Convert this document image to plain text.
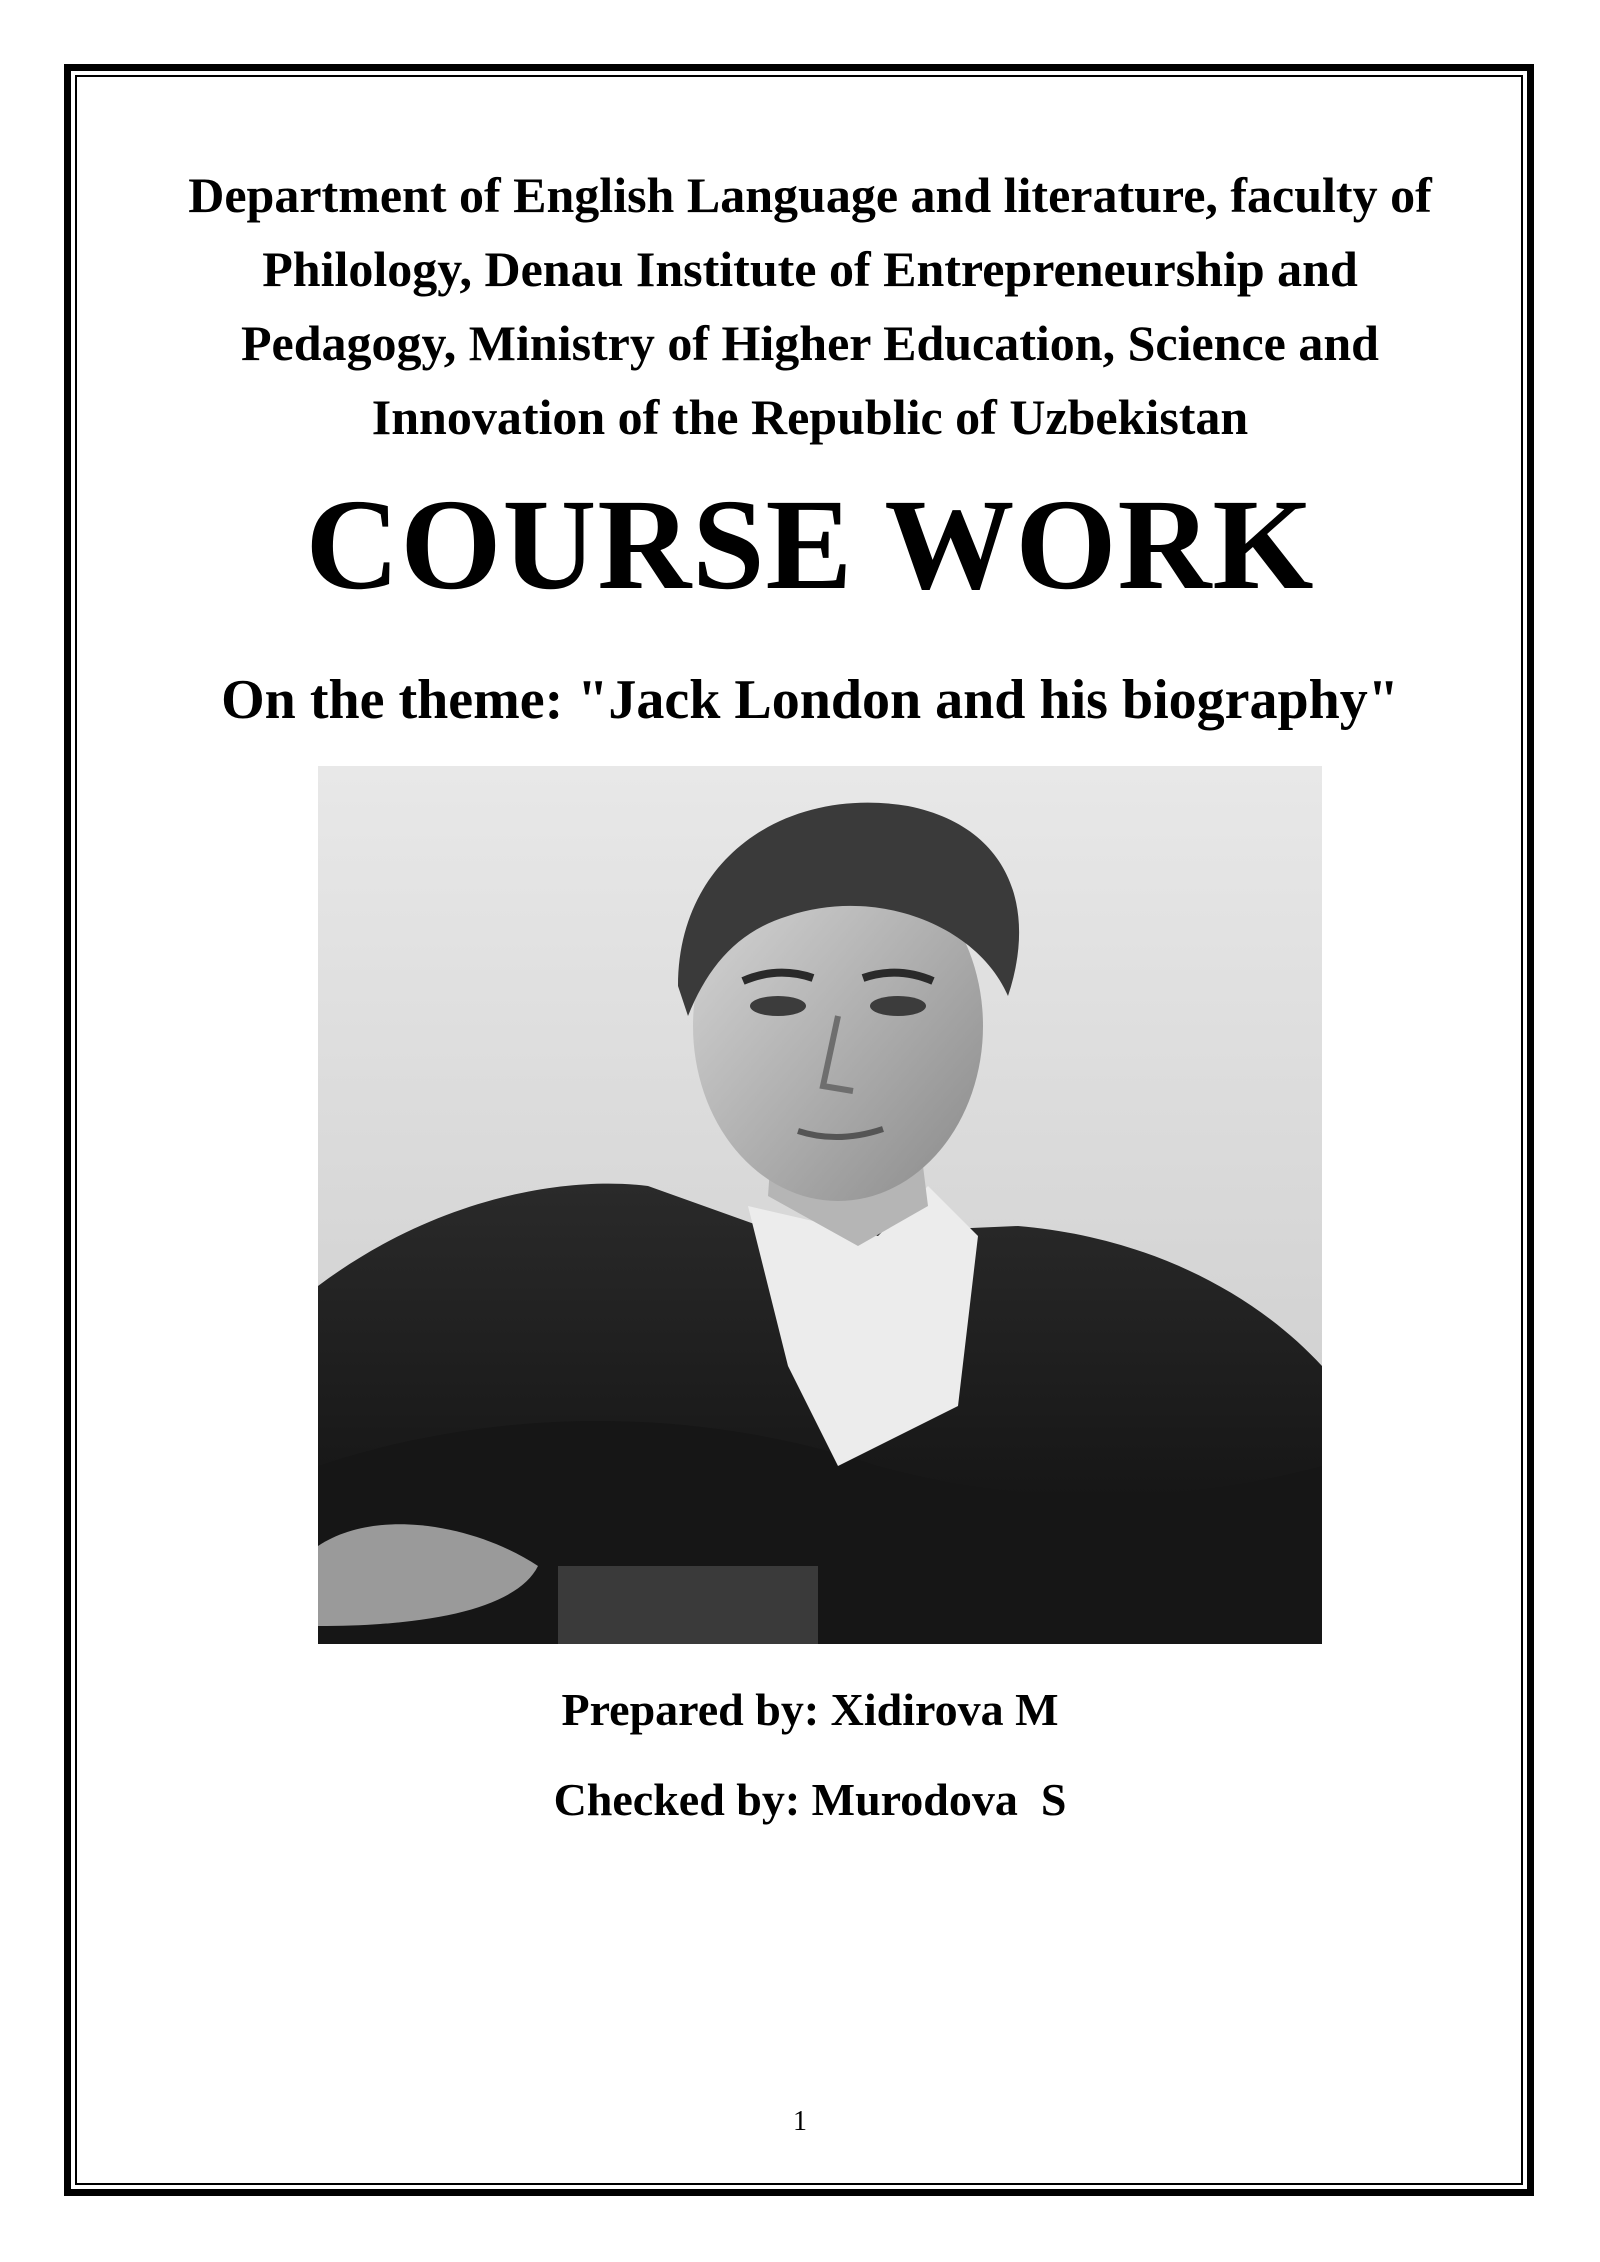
Department of English Language and literature, faculty of Philology, Denau Institute of Entrepreneurship and Pedagogy, Ministry of Higher Education, Science and Innovation of the Republic of Uzbekistan

COURSE WORK
On the theme: "Jack London and his biography"

Prepared by: Xidirova M

Checked by: Murodova  S

1
